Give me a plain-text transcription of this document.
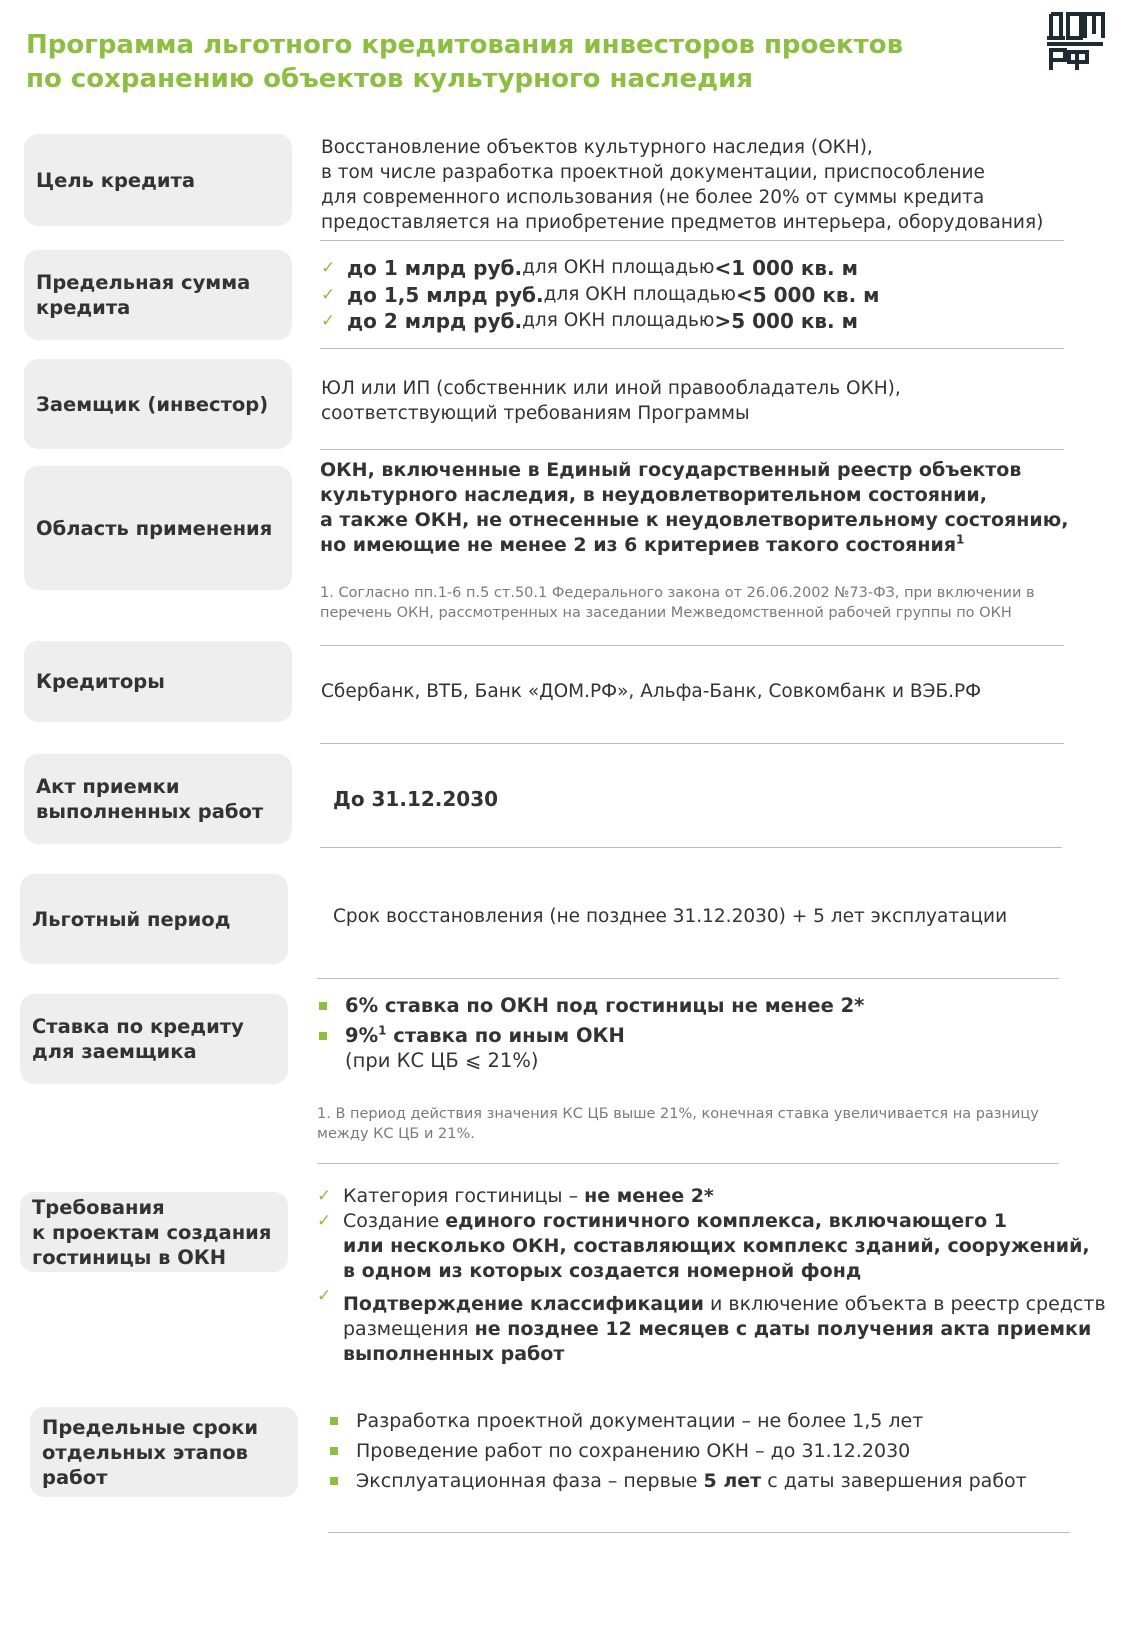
Программа льготного кредитования инвесторов проектов
по сохранению объектов культурного наследия
Цель кредита
Восстановление объектов культурного наследия (ОКН),
в том числе разработка проектной документации, приспособление
для современного использования (не более 20% от суммы кредита
предоставляется на приобретение предметов интерьера, оборудования)
Предельная сумма
кредита
✓ до 1 млрд руб. для ОКН площадью < 1 000 кв. м
✓ до 1,5 млрд руб. для ОКН площадью < 5 000 кв. м
✓ до 2 млрд руб. для ОКН площадью > 5 000 кв. м
Заемщик (инвестор)
ЮЛ или ИП (собственник или иной правообладатель ОКН),
соответствующий требованиям Программы
Область применения
ОКН, включенные в Единый государственный реестр объектов
культурного наследия, в неудовлетворительном состоянии,
а также ОКН, не отнесенные к неудовлетворительному состоянию,
но имеющие не менее 2 из 6 критериев такого состояния$^1$
1. Согласно пп.1-6 п.5 ст.50.1 Федерального закона от 26.06.2002 №73-ФЗ, при включении в
перечень ОКН, рассмотренных на заседании Межведомственной рабочей группы по ОКН
Кредиторы	Сбербанк, ВТБ, Банк «ДОМ.РФ», Альфа-Банк, Совкомбанк и ВЭБ.РФ
Акт приемки
выполненных работ
До 31.12.2030
Льготный период	Срок восстановления (не позднее 31.12.2030) + 5 лет эксплуатации
Ставка по кредиту
для заемщика
6% ставка по ОКН под гостиницы не менее 2*
9%$^1$ ставка по иным ОКН
(при КС ЦБ ⩽ 21%)
1. В период действия значения КС ЦБ выше 21%, конечная ставка увеличивается на разницу
между КС ЦБ и 21%.
Требования
к проектам создания
гостиницы в ОКН
✓ Категория гостиницы – не менее 2*
✓ Создание единого гостиничного комплекса, включающего 1
или несколько ОКН, составляющих комплекс зданий, сооружений,
в одном из которых создается номерной фонд
✓ Подтверждение классификации и включение объекта в реестр средств
размещения не позднее 12 месяцев с даты получения акта приемки
выполненных работ
Предельные сроки
отдельных этапов
работ
Разработка проектной документации – не более 1,5 лет
Проведение работ по сохранению ОКН – до 31.12.2030
Эксплуатационная фаза – первые 5 лет с даты завершения работ
